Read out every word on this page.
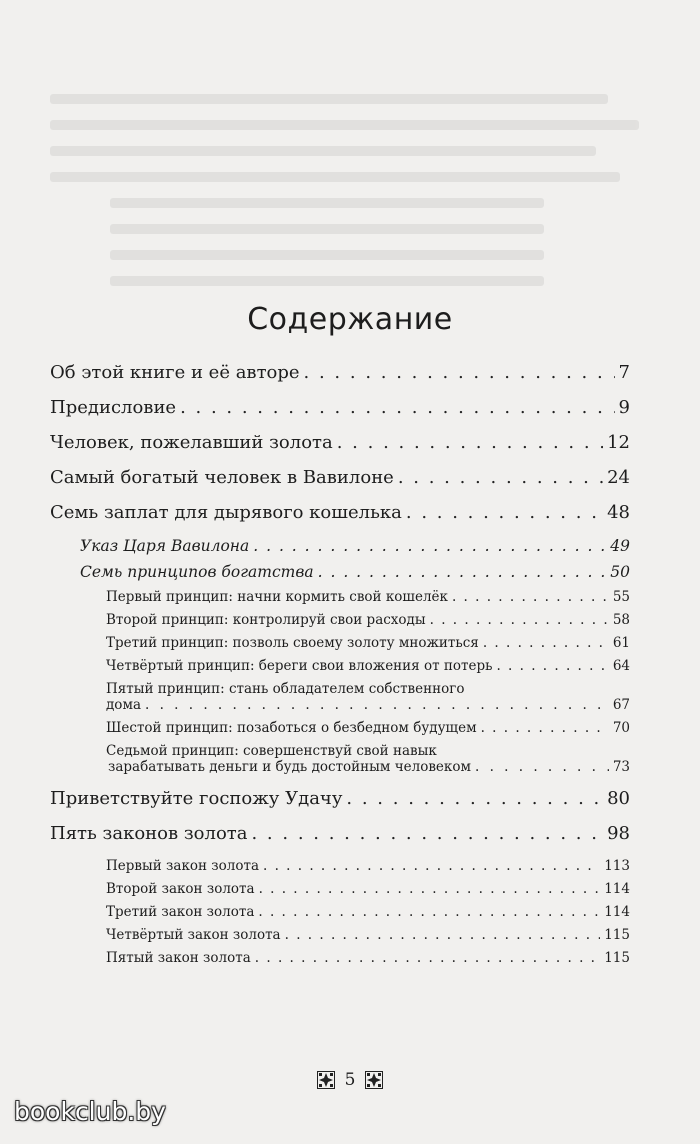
Содержание
Об этой книге и её авторе . . .	7
Предисловие . . .	9
Человек, пожелавший золота . . .	12
Самый богатый человек в Вавилоне . . .	24
Семь заплат для дырявого кошелька . . .	48
Указ Царя Вавилона . . .	49
Семь принципов богатства . . .	50
Первый принцип: начни кормить свой кошелёк . . .	55
Второй принцип: контролируй свои расходы . . .	58
Третий принцип: позволь своему золоту множиться . . .	61
Четвёртый принцип: береги свои вложения от потерь . . .	64
Пятый принцип: стань обладателем собственного
дома . . .	67
Шестой принцип: позаботься о безбедном будущем . . .	70
Седьмой принцип: совершенствуй свой навык
зарабатывать деньги и будь достойным человеком . . .	73
Приветствуйте госпожу Удачу . . .	80
Пять законов золота . . .	98
Первый закон золота . . .	113
Второй закон золота . . .	114
Третий закон золота . . .	114
Четвёртый закон золота . . .	115
Пятый закон золота . . .	115
5
bookclub.by
